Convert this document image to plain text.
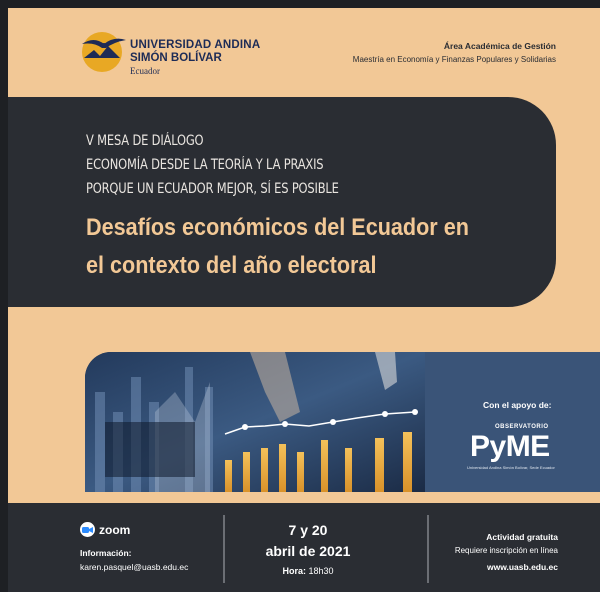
UNIVERSIDAD ANDINA
SIMÓN BOLÍVAR
Ecuador
Área Académica de Gestión
Maestría en Economía y Finanzas Populares y Solidarias
V MESA DE DIÁLOGO
ECONOMÍA DESDE LA TEORÍA Y LA PRAXIS
PORQUE UN ECUADOR MEJOR, SÍ ES POSIBLE
Desafíos económicos del Ecuador en
el contexto del año electoral
Con el apoyo de:
OBSERVATORIO
PyME
Universidad Andina Simón Bolívar, Sede Ecuador
zoom
Información:
karen.pasquel@uasb.edu.ec
7 y 20
abril de 2021
Hora: 18h30
Actividad gratuita
Requiere inscripción en línea
www.uasb.edu.ec
